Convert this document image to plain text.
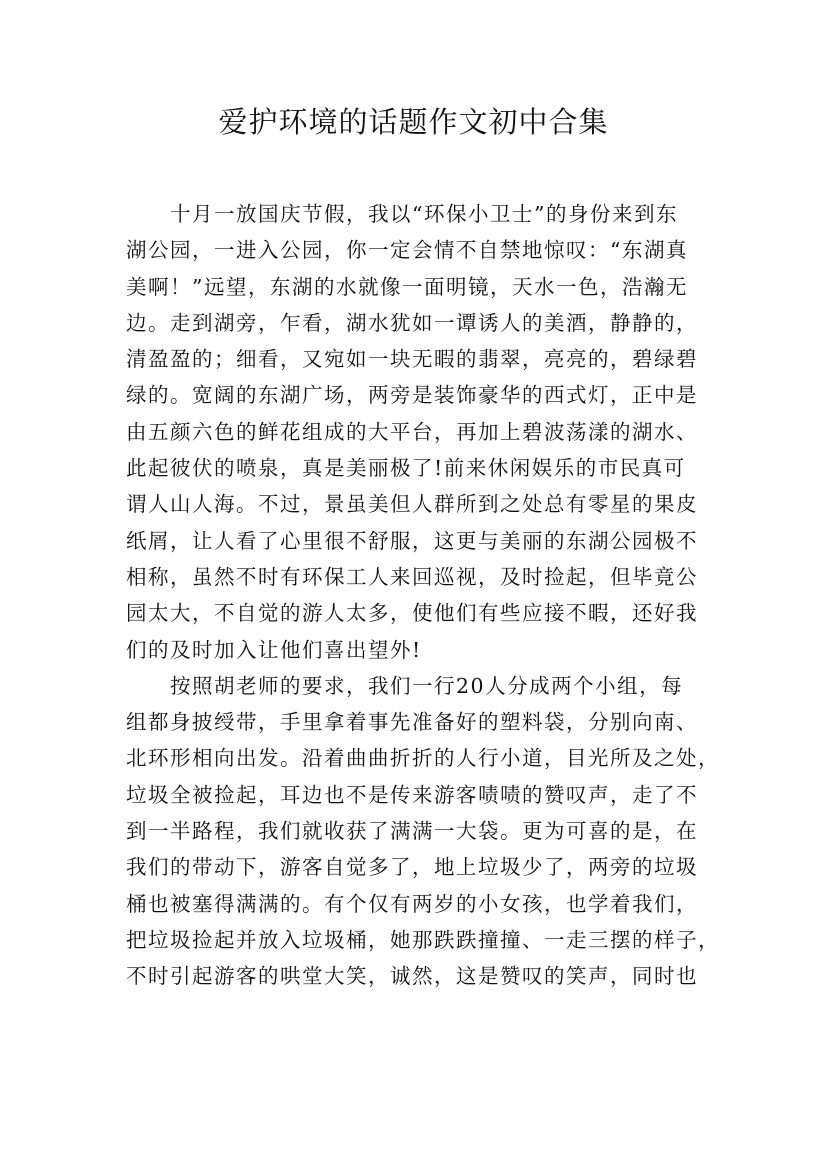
爱护环境的话题作文初中合集
十月一放国庆节假，我以“环保小卫士”的身份来到东
湖公园，一进入公园，你一定会情不自禁地惊叹：“东湖真
美啊！”远望，东湖的水就像一面明镜，天水一色，浩瀚无
边。走到湖旁，乍看，湖水犹如一谭诱人的美酒，静静的，
清盈盈的；细看，又宛如一块无暇的翡翠，亮亮的，碧绿碧
绿的。宽阔的东湖广场，两旁是装饰豪华的西式灯，正中是
由五颜六色的鲜花组成的大平台，再加上碧波荡漾的湖水、
此起彼伏的喷泉，真是美丽极了!前来休闲娱乐的市民真可
谓人山人海。不过，景虽美但人群所到之处总有零星的果皮
纸屑，让人看了心里很不舒服，这更与美丽的东湖公园极不
相称，虽然不时有环保工人来回巡视，及时捡起，但毕竟公
园太大，不自觉的游人太多，使他们有些应接不暇，还好我
们的及时加入让他们喜出望外!
按照胡老师的要求，我们一行20人分成两个小组，每
组都身披绶带，手里拿着事先准备好的塑料袋，分别向南、
北环形相向出发。沿着曲曲折折的人行小道，目光所及之处，
垃圾全被捡起，耳边也不是传来游客啧啧的赞叹声，走了不
到一半路程，我们就收获了满满一大袋。更为可喜的是，在
我们的带动下，游客自觉多了，地上垃圾少了，两旁的垃圾
桶也被塞得满满的。有个仅有两岁的小女孩，也学着我们，
把垃圾捡起并放入垃圾桶，她那跌跌撞撞、一走三摆的样子，
不时引起游客的哄堂大笑，诚然，这是赞叹的笑声，同时也
